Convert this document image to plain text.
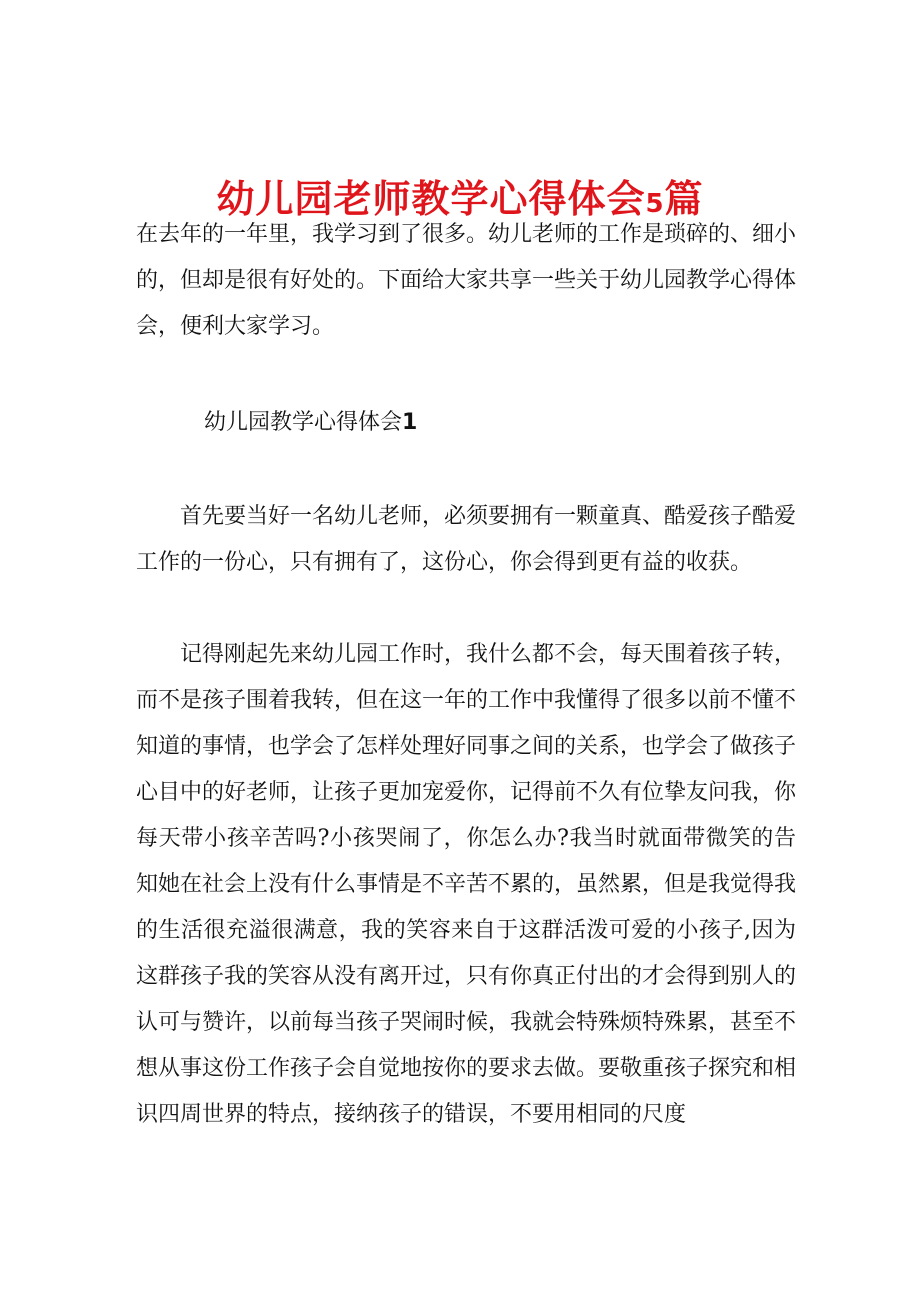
幼儿园老师教学心得体会5篇

在去年的一年里，我学习到了很多。幼儿老师的工作是琐碎的、细小的，但却是很有好处的。下面给大家共享一些关于幼儿园教学心得体会，便利大家学习。

幼儿园教学心得体会1

首先要当好一名幼儿老师，必须要拥有一颗童真、酷爱孩子酷爱工作的一份心，只有拥有了，这份心，你会得到更有益的收获。

记得刚起先来幼儿园工作时，我什么都不会，每天围着孩子转，而不是孩子围着我转，但在这一年的工作中我懂得了很多以前不懂不知道的事情，也学会了怎样处理好同事之间的关系，也学会了做孩子心目中的好老师，让孩子更加宠爱你，记得前不久有位挚友问我，你每天带小孩辛苦吗?小孩哭闹了，你怎么办?我当时就面带微笑的告知她在社会上没有什么事情是不辛苦不累的，虽然累，但是我觉得我的生活很充溢很满意，我的笑容来自于这群活泼可爱的小孩子,因为这群孩子我的笑容从没有离开过，只有你真正付出的才会得到别人的认可与赞许，以前每当孩子哭闹时候，我就会特殊烦特殊累，甚至不想从事这份工作孩子会自觉地按你的要求去做。要敬重孩子探究和相识四周世界的特点，接纳孩子的错误，不要用相同的尺度
